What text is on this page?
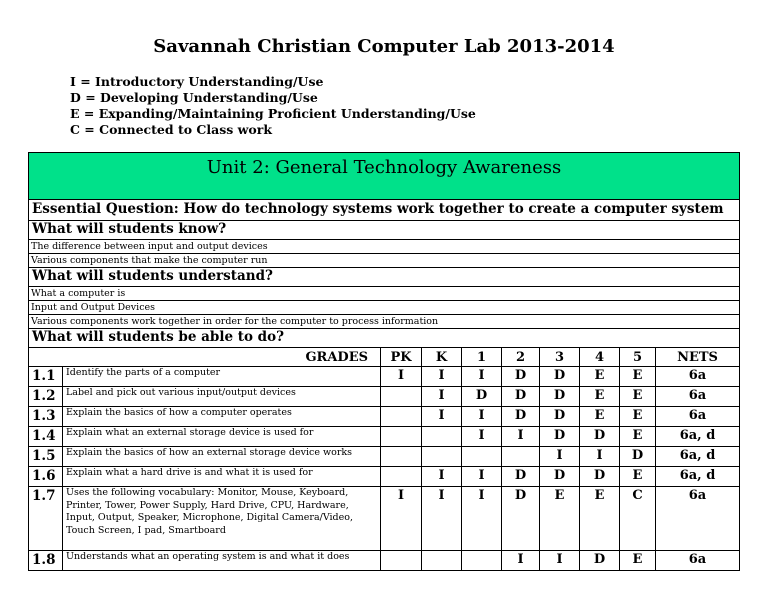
Savannah Christian Computer Lab 2013-2014
I = Introductory Understanding/Use
D = Developing Understanding/Use
E = Expanding/Maintaining Proficient Understanding/Use
C = Connected to Class work
Unit 2: General Technology Awareness									
Essential Question: How do technology systems work together to create a computer system									
What will students know?									
The difference between input and output devices									
Various components that make the computer run									
What will students understand?									
What a computer is									
Input and Output Devices									
Various components work together in order for the computer to process information									
What will students be able to do?									
GRADES		PK	K	1	2	3	4	5	NETS
1.1	Identify the parts of a computer	I	I	I	D	D	E	E	6a
1.2	Label and pick out various input/output devices		I	D	D	D	E	E	6a
1.3	Explain the basics of how a computer operates		I	I	D	D	E	E	6a
1.4	Explain what an external storage device is used for			I	I	D	D	E	6a, d
1.5	Explain the basics of how an external storage device works					I	I	D	6a, d
1.6	Explain what a hard drive is and what it is used for		I	I	D	D	D	E	6a, d
1.7	Uses the following vocabulary: Monitor, Mouse, Keyboard, Printer, Tower, Power Supply, Hard Drive, CPU, Hardware, Input, Output, Speaker, Microphone, Digital Camera/Video, Touch Screen, I pad, Smartboard	I	I	I	D	E	E	C	6a
1.8	Understands what an operating system is and what it does				I	I	D	E	6a
